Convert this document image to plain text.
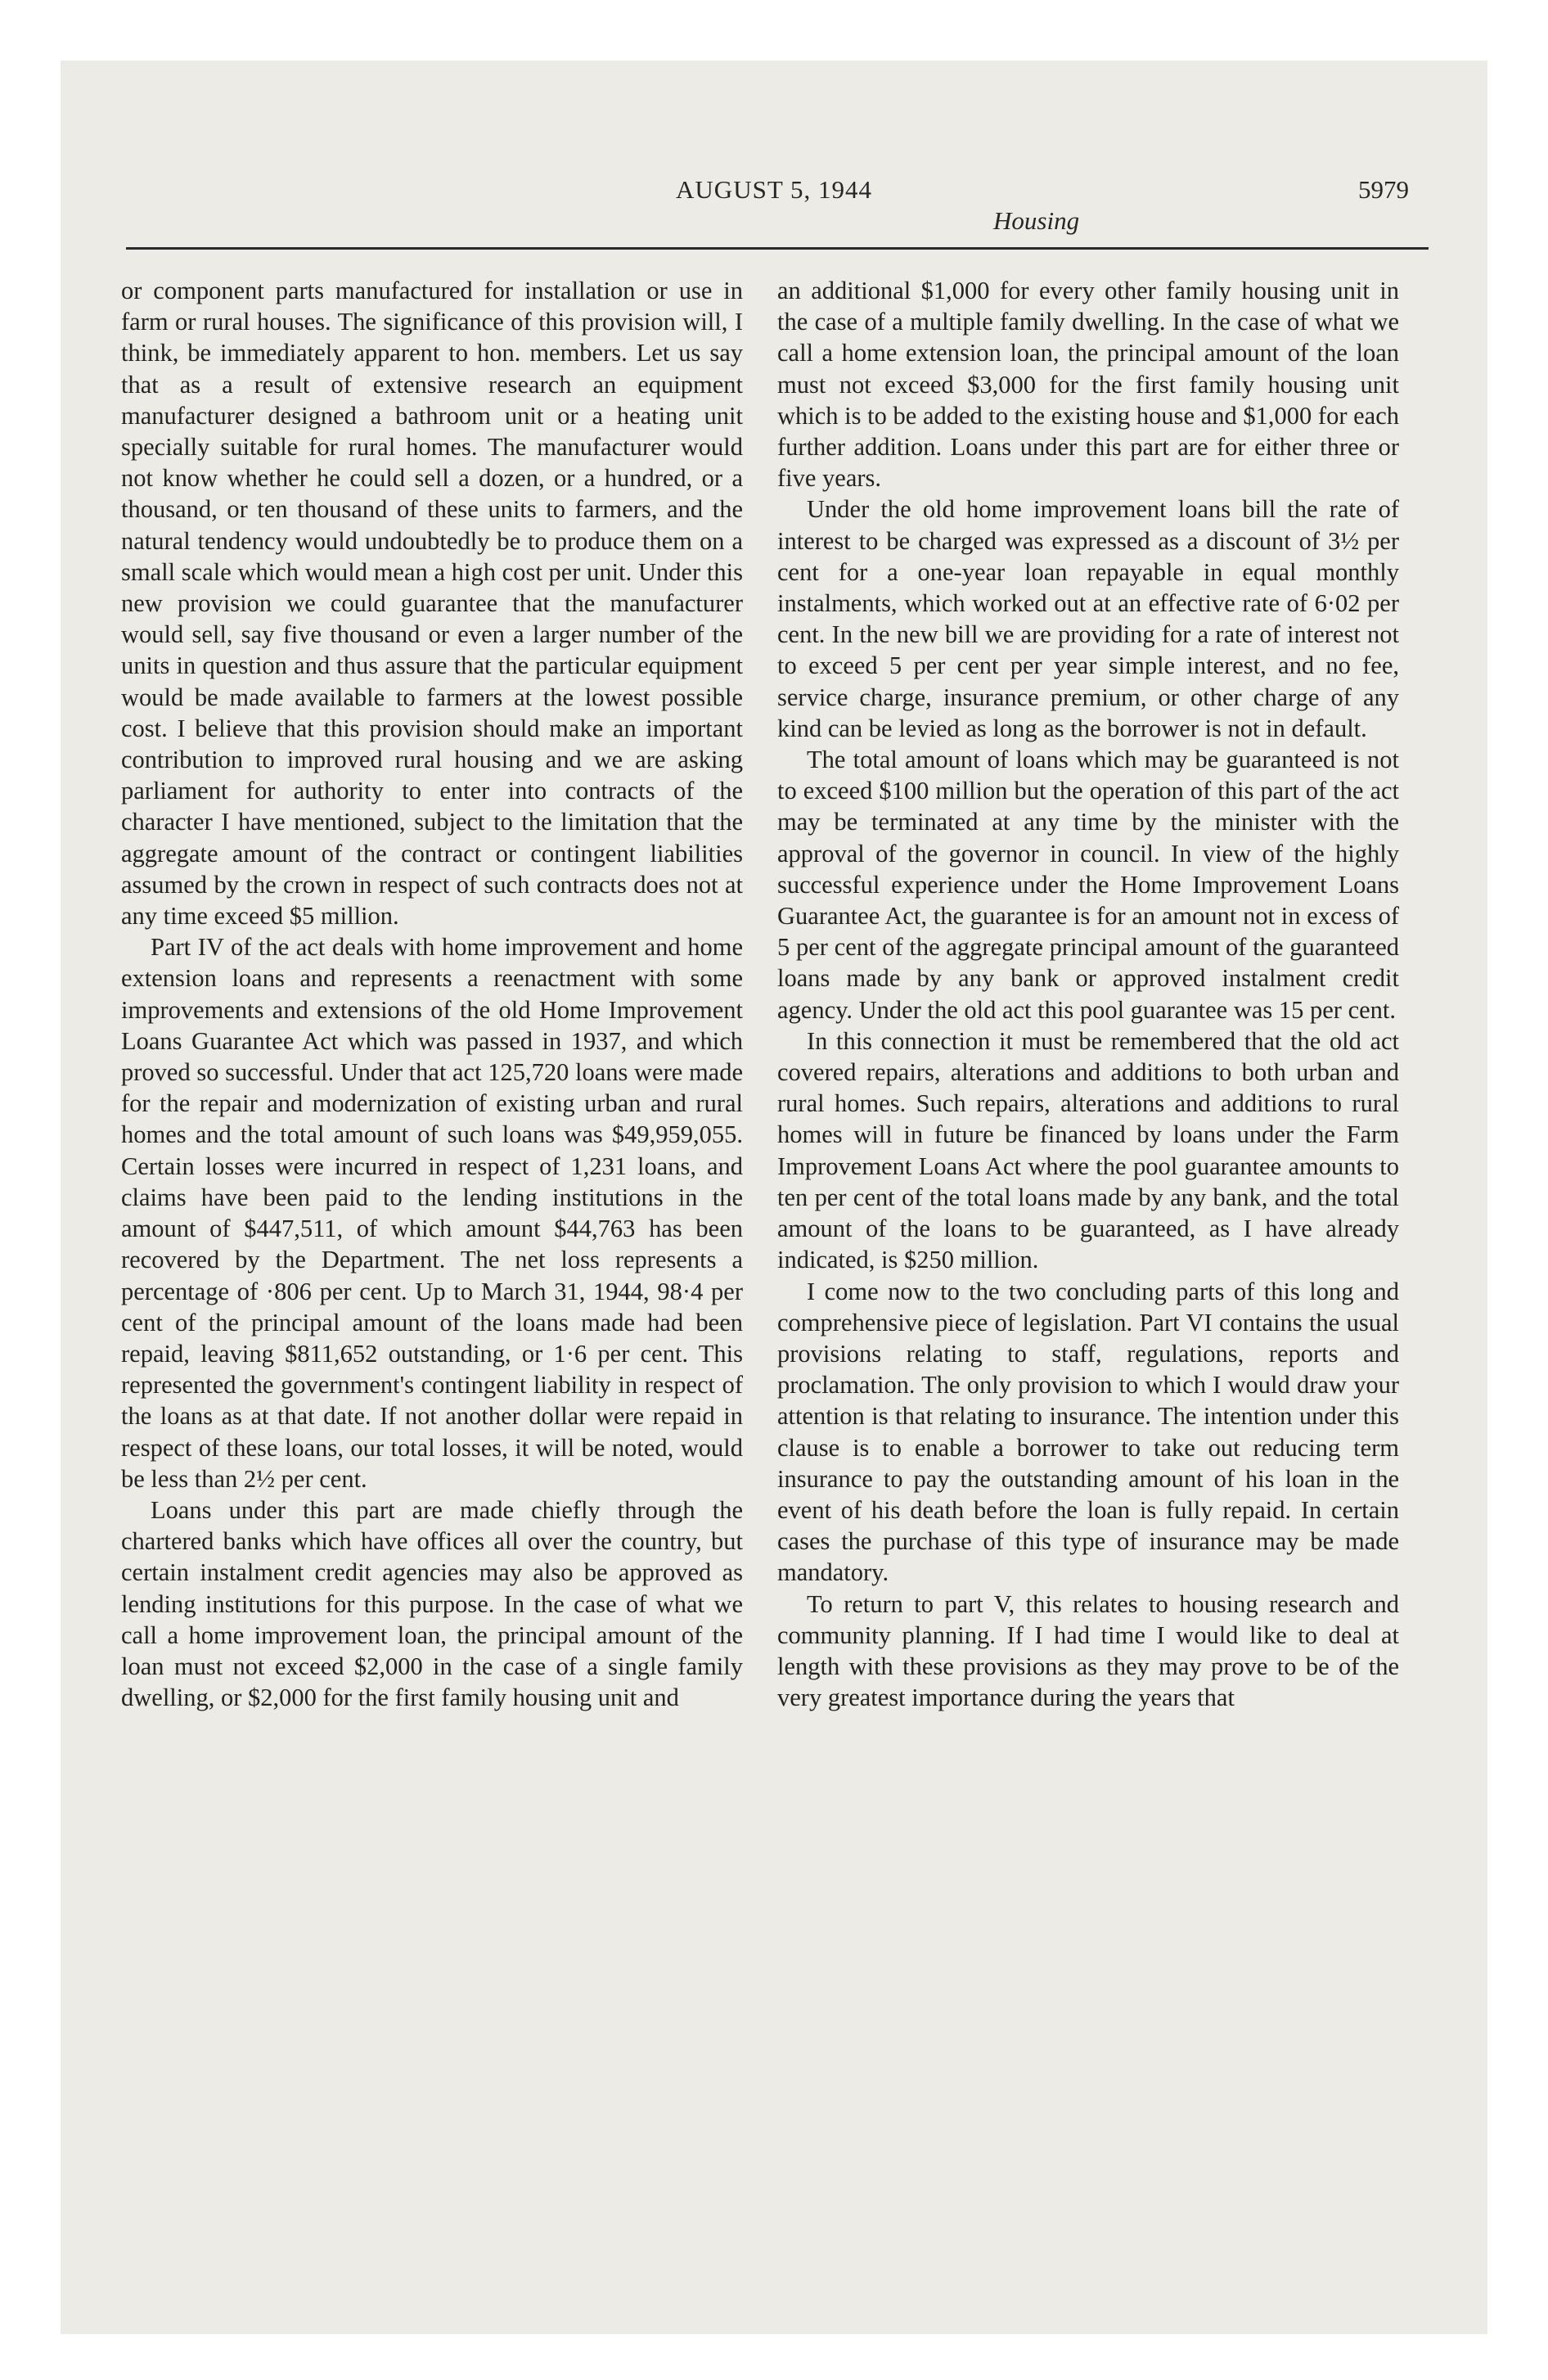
AUGUST 5, 1944	5979
Housing

or component parts manufactured for installation or use in farm or rural houses. The significance of this provision will, I think, be immediately apparent to hon. members. Let us say that as a result of extensive research an equipment manufacturer designed a bathroom unit or a heating unit specially suitable for rural homes. The manufacturer would not know whether he could sell a dozen, or a hundred, or a thousand, or ten thousand of these units to farmers, and the natural tendency would undoubtedly be to produce them on a small scale which would mean a high cost per unit. Under this new provision we could guarantee that the manufacturer would sell, say five thousand or even a larger number of the units in question and thus assure that the particular equipment would be made available to farmers at the lowest possible cost. I believe that this provision should make an important contribution to improved rural housing and we are asking parliament for authority to enter into contracts of the character I have mentioned, subject to the limitation that the aggregate amount of the contract or contingent liabilities assumed by the crown in respect of such contracts does not at any time exceed $5 million.

Part IV of the act deals with home improvement and home extension loans and represents a reenactment with some improvements and extensions of the old Home Improvement Loans Guarantee Act which was passed in 1937, and which proved so successful. Under that act 125,720 loans were made for the repair and modernization of existing urban and rural homes and the total amount of such loans was $49,959,055. Certain losses were incurred in respect of 1,231 loans, and claims have been paid to the lending institutions in the amount of $447,511, of which amount $44,763 has been recovered by the Department. The net loss represents a percentage of ·806 per cent. Up to March 31, 1944, 98·4 per cent of the principal amount of the loans made had been repaid, leaving $811,652 outstanding, or 1·6 per cent. This represented the government's contingent liability in respect of the loans as at that date. If not another dollar were repaid in respect of these loans, our total losses, it will be noted, would be less than 2½ per cent.

Loans under this part are made chiefly through the chartered banks which have offices all over the country, but certain instalment credit agencies may also be approved as lending institutions for this purpose. In the case of what we call a home improvement loan, the principal amount of the loan must not exceed $2,000 in the case of a single family dwelling, or $2,000 for the first family housing unit and

an additional $1,000 for every other family housing unit in the case of a multiple family dwelling. In the case of what we call a home extension loan, the principal amount of the loan must not exceed $3,000 for the first family housing unit which is to be added to the existing house and $1,000 for each further addition. Loans under this part are for either three or five years.

Under the old home improvement loans bill the rate of interest to be charged was expressed as a discount of 3½ per cent for a one-year loan repayable in equal monthly instalments, which worked out at an effective rate of 6·02 per cent. In the new bill we are providing for a rate of interest not to exceed 5 per cent per year simple interest, and no fee, service charge, insurance premium, or other charge of any kind can be levied as long as the borrower is not in default.

The total amount of loans which may be guaranteed is not to exceed $100 million but the operation of this part of the act may be terminated at any time by the minister with the approval of the governor in council. In view of the highly successful experience under the Home Improvement Loans Guarantee Act, the guarantee is for an amount not in excess of 5 per cent of the aggregate principal amount of the guaranteed loans made by any bank or approved instalment credit agency. Under the old act this pool guarantee was 15 per cent.

In this connection it must be remembered that the old act covered repairs, alterations and additions to both urban and rural homes. Such repairs, alterations and additions to rural homes will in future be financed by loans under the Farm Improvement Loans Act where the pool guarantee amounts to ten per cent of the total loans made by any bank, and the total amount of the loans to be guaranteed, as I have already indicated, is $250 million.

I come now to the two concluding parts of this long and comprehensive piece of legislation. Part VI contains the usual provisions relating to staff, regulations, reports and proclamation. The only provision to which I would draw your attention is that relating to insurance. The intention under this clause is to enable a borrower to take out reducing term insurance to pay the outstanding amount of his loan in the event of his death before the loan is fully repaid. In certain cases the purchase of this type of insurance may be made mandatory.

To return to part V, this relates to housing research and community planning. If I had time I would like to deal at length with these provisions as they may prove to be of the very greatest importance during the years that
